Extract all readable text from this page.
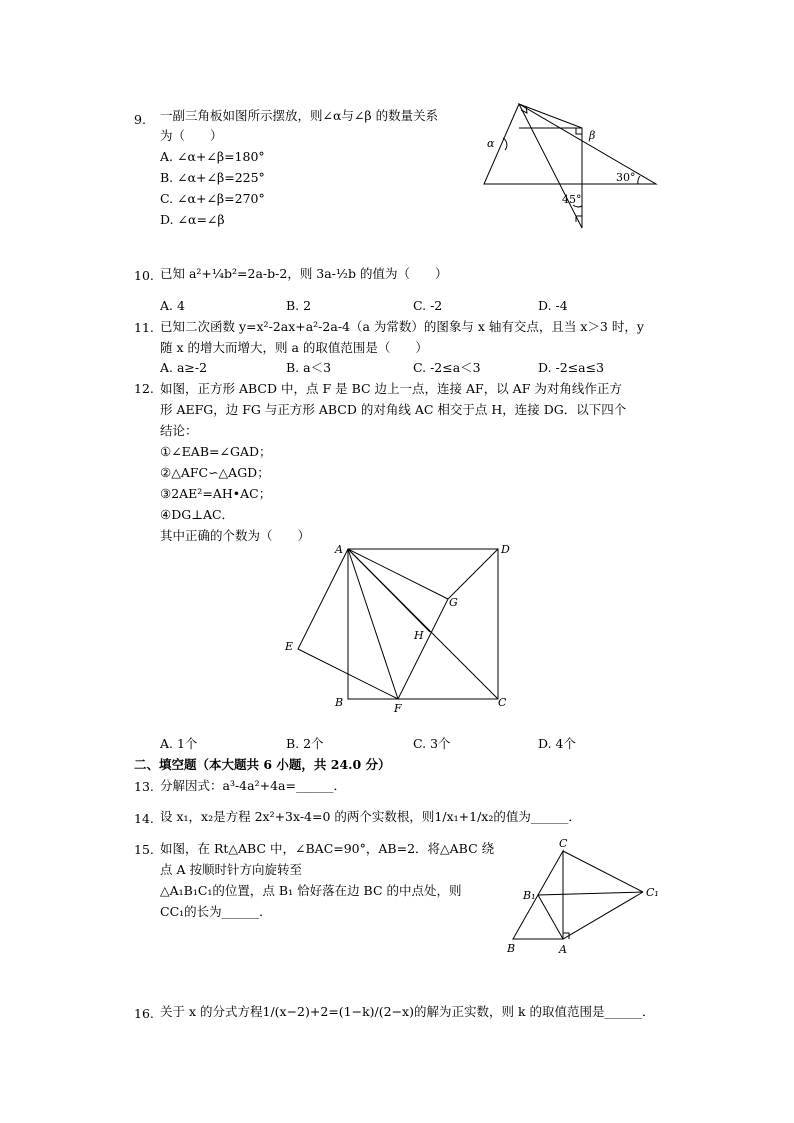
9. 一副三角板如图所示摆放，则∠α与∠β 的数量关系
为（　　）
A. ∠α+∠β=180°
B. ∠α+∠β=225°
C. ∠α+∠β=270°
D. ∠α=∠β
α
β
30°
45°
10. 已知 a²+¼b²=2a-b-2，则 3a-½b 的值为（　　）
A. 4	B. 2	C. -2	D. -4
11. 已知二次函数 y=x²-2ax+a²-2a-4（a 为常数）的图象与 x 轴有交点，且当 x＞3 时，y
随 x 的增大而增大，则 a 的取值范围是（　　）
A. a≥-2	B. a＜3	C. -2≤a＜3	D. -2≤a≤3
12. 如图，正方形 ABCD 中，点 F 是 BC 边上一点，连接 AF，以 AF 为对角线作正方
形 AEFG，边 FG 与正方形 ABCD 的对角线 AC 相交于点 H，连接 DG．以下四个
结论：
①∠EAB=∠GAD；
②△AFC∽△AGD；
③2AE²=AH•AC；
④DG⊥AC．
其中正确的个数为（　　）
A	D
B	C
E
F
G
H
A. 1个	B. 2个	C. 3个	D. 4个
二、填空题（本大题共 6 小题，共 24.0 分）
13. 分解因式：a³-4a²+4a=______．
14. 设 x₁，x₂是方程 2x²+3x-4=0 的两个实数根，则1/x₁+1/x₂的值为______．
15. 如图，在 Rt△ABC 中，∠BAC=90°，AB=2．将△ABC 绕
点 A 按顺时针方向旋转至
△A₁B₁C₁的位置，点 B₁ 恰好落在边 BC 的中点处，则
CC₁的长为______．
C
B₁	C₁
B	A
16. 关于 x 的分式方程1/(x−2)+2=(1−k)/(2−x)的解为正实数，则 k 的取值范围是______．
